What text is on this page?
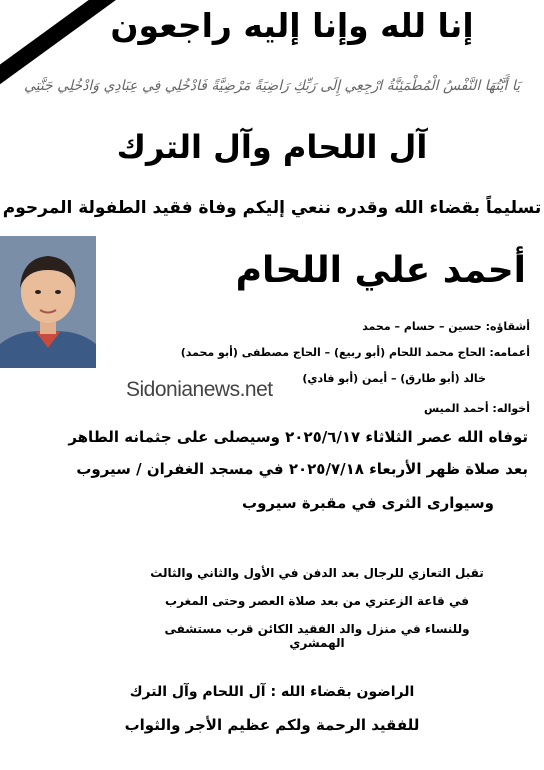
إنا لله وإنا إليه راجعون
يَا أَيَّتُهَا النَّفْسُ الْمُطْمَئِنَّةُ ارْجِعِي إِلَى رَبِّكِ رَاضِيَةً مَرْضِيَّةً فَادْخُلِي فِي عِبَادِي وَادْخُلِي جَنَّتِي
آل اللحام وآل الترك
تسليماً بقضاء الله وقدره ننعي إليكم وفاة فقيد الطفولة المرحوم
أحمد علي اللحام
أشقاؤه: حسين – حسام – محمد
أعمامه: الحاج محمد اللحام (أبو ربيع) – الحاج مصطفى (أبو محمد)
خالد (أبو طارق) – أيمن (أبو فادي)
Sidonianews.net
أخواله: أحمد الميس
توفاه الله عصر الثلاثاء ٢٠٢٥/٦/١٧ وسيصلى على جثمانه الطاهر
بعد صلاة ظهر الأربعاء ٢٠٢٥/٧/١٨ في مسجد الغفران / سيروب
وسيوارى الثرى في مقبرة سيروب
تقبل التعازي للرجال بعد الدفن في الأول والثاني والثالث
في قاعة الزعتري من بعد صلاة العصر وحتى المغرب
وللنساء في منزل والد الفقيد الكائن قرب مستشفى الهمشري
الراضون بقضاء الله : آل اللحام وآل الترك
للفقيد الرحمة ولكم عظيم الأجر والثواب
